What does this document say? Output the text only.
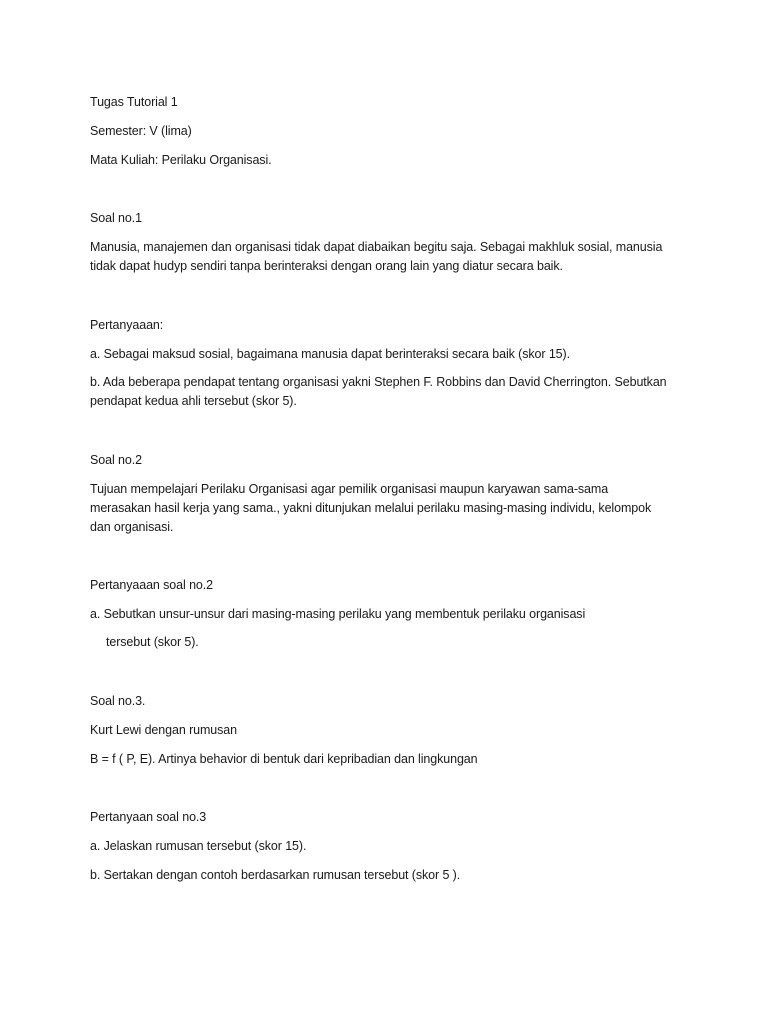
Tugas Tutorial 1
Semester: V (lima)
Mata Kuliah: Perilaku Organisasi.
Soal no.1
Manusia, manajemen dan organisasi tidak dapat diabaikan begitu saja. Sebagai makhluk sosial, manusia
tidak dapat hudyp sendiri tanpa berinteraksi dengan orang lain yang diatur secara baik.
Pertanyaaan:
a. Sebagai maksud sosial, bagaimana manusia dapat berinteraksi secara baik (skor 15).
b. Ada beberapa pendapat tentang organisasi yakni Stephen F. Robbins dan David Cherrington. Sebutkan
pendapat kedua ahli tersebut (skor 5).
Soal no.2
Tujuan mempelajari Perilaku Organisasi agar pemilik organisasi maupun karyawan sama-sama
merasakan hasil kerja yang sama., yakni ditunjukan melalui perilaku masing-masing individu, kelompok
dan organisasi.
Pertanyaaan soal no.2
a. Sebutkan unsur-unsur dari masing-masing perilaku yang membentuk perilaku organisasi
tersebut (skor 5).
Soal no.3.
Kurt Lewi dengan rumusan
B = f ( P, E). Artinya behavior di bentuk dari kepribadian dan lingkungan
Pertanyaan soal no.3
a. Jelaskan rumusan tersebut (skor 15).
b. Sertakan dengan contoh berdasarkan rumusan tersebut (skor 5 ).
